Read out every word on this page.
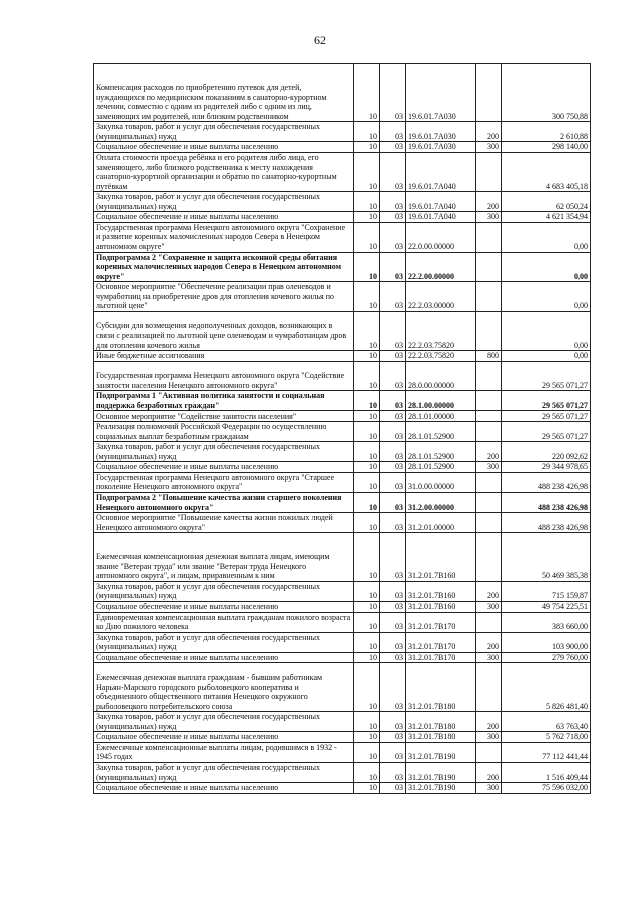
62
Компенсация расходов по приобретению путевок для детей, нуждающихся по медицинским показаниям в санаторно-курортном лечении, совместно с одним из родителей либо с одним из лиц, заменяющих им родителей, или близким родственником	10	03	19.6.01.7А030		300 750,88
Закупка товаров, работ и услуг для обеспечения государственных (муниципальных) нужд	10	03	19.6.01.7А030	200	2 610,88
Социальное обеспечение и иные выплаты населению	10	03	19.6.01.7А030	300	298 140,00
Оплата стоимости проезда ребёнка и его родителя либо лица, его заменяющего, либо близкого родственника к месту нахождения санаторно-курортной организации и обратно по санаторно-курортным путёвкам	10	03	19.6.01.7А040		4 683 405,18
Закупка товаров, работ и услуг для обеспечения государственных (муниципальных) нужд	10	03	19.6.01.7А040	200	62 050,24
Социальное обеспечение и иные выплаты населению	10	03	19.6.01.7А040	300	4 621 354,94
Государственная программа Ненецкого автономного округа "Сохранение и развитие коренных малочисленных народов Севера в Ненецком автономном округе"	10	03	22.0.00.00000		0,00
Подпрограмма 2 "Сохранение и защита исконной среды обитания коренных малочисленных народов Севера в Ненецком автономном округе"	10	03	22.2.00.00000		0,00
Основное мероприятие "Обеспечение реализации прав оленеводов и чумработниц на приобретение дров для отопления кочевого жилья по льготной цене"	10	03	22.2.03.00000		0,00
Субсидии для возмещения недополученных доходов, возникающих в связи с реализацией по льготной цене оленеводам и чумработницам дров для отопления кочевого жилья	10	03	22.2.03.75820		0,00
Иные бюджетные ассигнования	10	03	22.2.03.75820	800	0,00
Государственная программа Ненецкого автономного округа "Содействие занятости населения Ненецкого автономного округа"	10	03	28.0.00.00000		29 565 071,27
Подпрограмма 1 "Активная политика занятости и социальная поддержка безработных граждан"	10	03	28.1.00.00000		29 565 071,27
Основное мероприятие "Содействие занятости населения"	10	03	28.1.01.00000		29 565 071,27
Реализация полномочий Российской Федерации по осуществлению социальных выплат безработным гражданам	10	03	28.1.01.52900		29 565 071,27
Закупка товаров, работ и услуг для обеспечения государственных (муниципальных) нужд	10	03	28.1.01.52900	200	220 092,62
Социальное обеспечение и иные выплаты населению	10	03	28.1.01.52900	300	29 344 978,65
Государственная программа Ненецкого автономного округа "Старшее поколение Ненецкого автономного округа"	10	03	31.0.00.00000		488 238 426,98
Подпрограмма 2 "Повышение качества жизни старшего поколения Ненецкого автономного округа"	10	03	31.2.00.00000		488 238 426,98
Основное мероприятие "Повышение качества жизни пожилых людей Ненецкого автономного округа"	10	03	31.2.01.00000		488 238 426,98
Ежемесячная компенсационная денежная выплата лицам, имеющим звание "Ветеран труда" или звание "Ветеран труда Ненецкого автономного округа", и лицам, приравненным к ним	10	03	31.2.01.7В160		50 469 385,38
Закупка товаров, работ и услуг для обеспечения государственных (муниципальных) нужд	10	03	31.2.01.7В160	200	715 159,87
Социальное обеспечение и иные выплаты населению	10	03	31.2.01.7В160	300	49 754 225,51
Единовременная компенсационная выплата гражданам пожилого возраста ко Дню пожилого человека	10	03	31.2.01.7В170		383 660,00
Закупка товаров, работ и услуг для обеспечения государственных (муниципальных) нужд	10	03	31.2.01.7В170	200	103 900,00
Социальное обеспечение и иные выплаты населению	10	03	31.2.01.7В170	300	279 760,00
Ежемесячная денежная выплата гражданам - бывшим работникам Нарьян-Марского городского рыболовецкого кооператива и объединенного общественного питания Ненецкого окружного рыболовецкого потребительского союза	10	03	31.2.01.7В180		5 826 481,40
Закупка товаров, работ и услуг для обеспечения государственных (муниципальных) нужд	10	03	31.2.01.7В180	200	63 763,40
Социальное обеспечение и иные выплаты населению	10	03	31.2.01.7В180	300	5 762 718,00
Ежемесячные компенсационные выплаты лицам, родившимся в 1932 - 1945 годах	10	03	31.2.01.7В190		77 112 441,44
Закупка товаров, работ и услуг для обеспечения государственных (муниципальных) нужд	10	03	31.2.01.7В190	200	1 516 409,44
Социальное обеспечение и иные выплаты населению	10	03	31.2.01.7В190	300	75 596 032,00
